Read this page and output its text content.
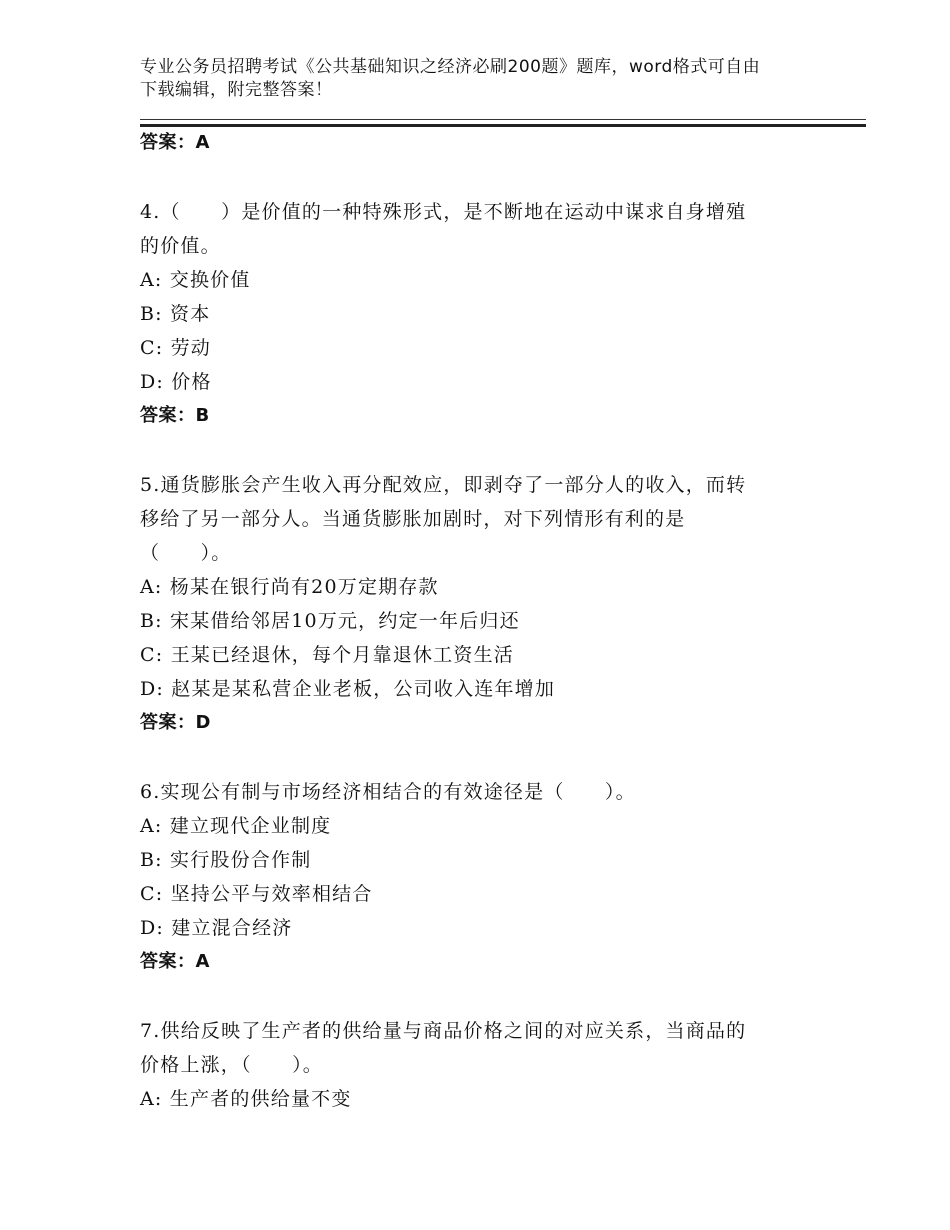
专业公务员招聘考试《公共基础知识之经济必刷200题》题库，word格式可自由
下载编辑，附完整答案！
答案：A
4.（　　）是价值的一种特殊形式，是不断地在运动中谋求自身增殖
的价值。
A: 交换价值
B: 资本
C: 劳动
D: 价格
答案：B
5.通货膨胀会产生收入再分配效应，即剥夺了一部分人的收入，而转
移给了另一部分人。当通货膨胀加剧时，对下列情形有利的是
（　　）。
A: 杨某在银行尚有20万定期存款
B: 宋某借给邻居10万元，约定一年后归还
C: 王某已经退休，每个月靠退休工资生活
D: 赵某是某私营企业老板，公司收入连年增加
答案：D
6.实现公有制与市场经济相结合的有效途径是（　　）。
A: 建立现代企业制度
B: 实行股份合作制
C: 坚持公平与效率相结合
D: 建立混合经济
答案：A
7.供给反映了生产者的供给量与商品价格之间的对应关系，当商品的
价格上涨，（　　）。
A: 生产者的供给量不变
